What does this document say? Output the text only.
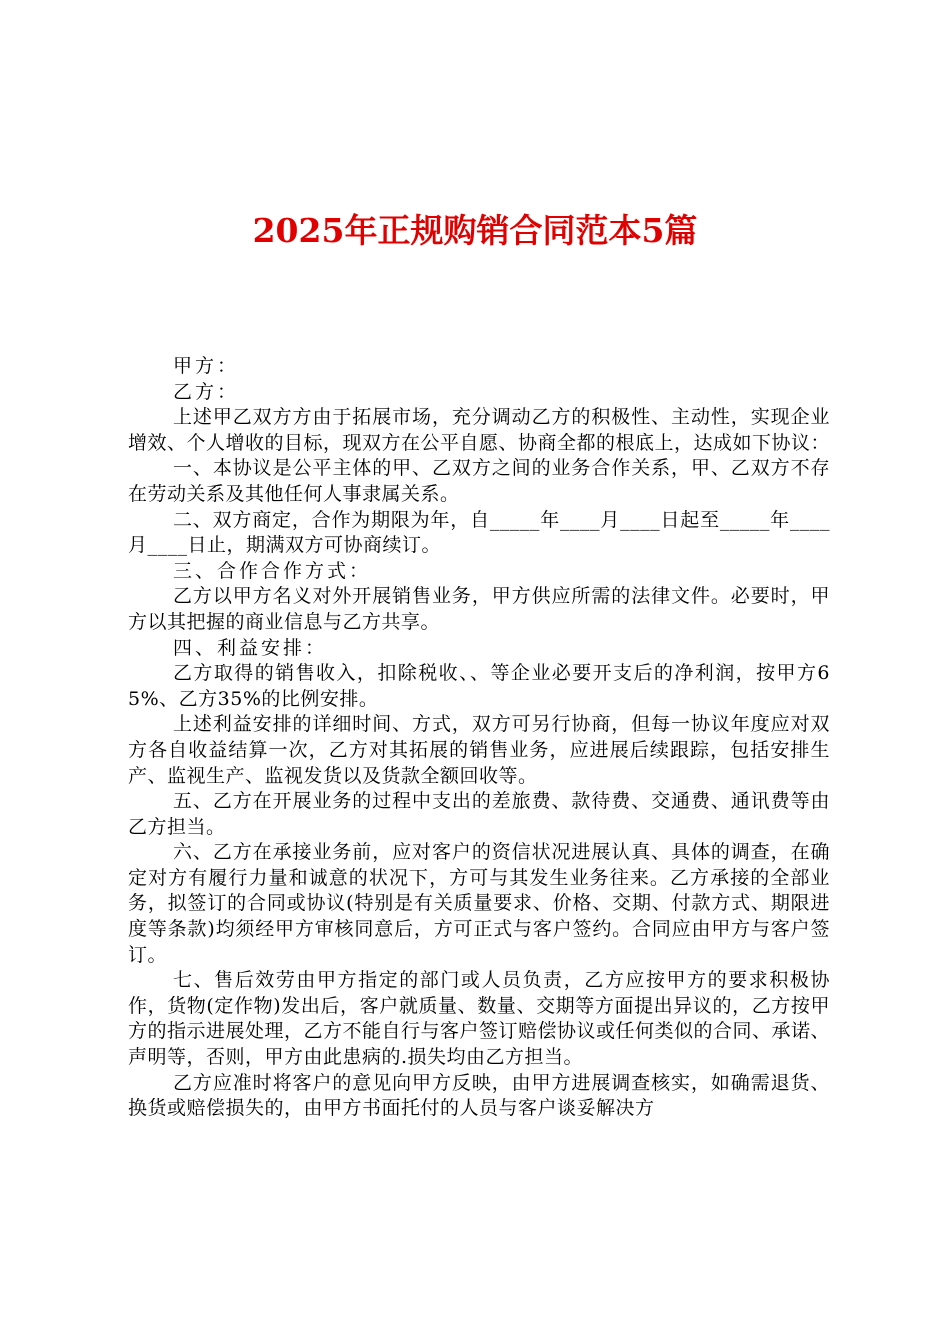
2025年正规购销合同范本5篇

甲方：

乙方：

上述甲乙双方方由于拓展市场，充分调动乙方的积极性、主动性，实现企业增效、个人增收的目标，现双方在公平自愿、协商全都的根底上，达成如下协议：

一、本协议是公平主体的甲、乙双方之间的业务合作关系，甲、乙双方不存在劳动关系及其他任何人事隶属关系。

二、双方商定，合作为期限为年，自_____年____月____日起至_____年____月____日止，期满双方可协商续订。

三、合作合作方式：

乙方以甲方名义对外开展销售业务，甲方供应所需的法律文件。必要时，甲方以其把握的商业信息与乙方共享。

四、利益安排：

乙方取得的销售收入，扣除税收、、等企业必要开支后的净利润，按甲方65%、乙方35%的比例安排。

上述利益安排的详细时间、方式，双方可另行协商，但每一协议年度应对双方各自收益结算一次，乙方对其拓展的销售业务，应进展后续跟踪，包括安排生产、监视生产、监视发货以及货款全额回收等。

五、乙方在开展业务的过程中支出的差旅费、款待费、交通费、通讯费等由乙方担当。

六、乙方在承接业务前，应对客户的资信状况进展认真、具体的调查，在确定对方有履行力量和诚意的状况下，方可与其发生业务往来。乙方承接的全部业务，拟签订的合同或协议(特别是有关质量要求、价格、交期、付款方式、期限进度等条款)均须经甲方审核同意后，方可正式与客户签约。合同应由甲方与客户签订。

七、售后效劳由甲方指定的部门或人员负责，乙方应按甲方的要求积极协作，货物(定作物)发出后，客户就质量、数量、交期等方面提出异议的，乙方按甲方的指示进展处理，乙方不能自行与客户签订赔偿协议或任何类似的合同、承诺、声明等，否则，甲方由此患病的.损失均由乙方担当。

乙方应准时将客户的意见向甲方反映，由甲方进展调查核实，如确需退货、换货或赔偿损失的，由甲方书面托付的人员与客户谈妥解决方
